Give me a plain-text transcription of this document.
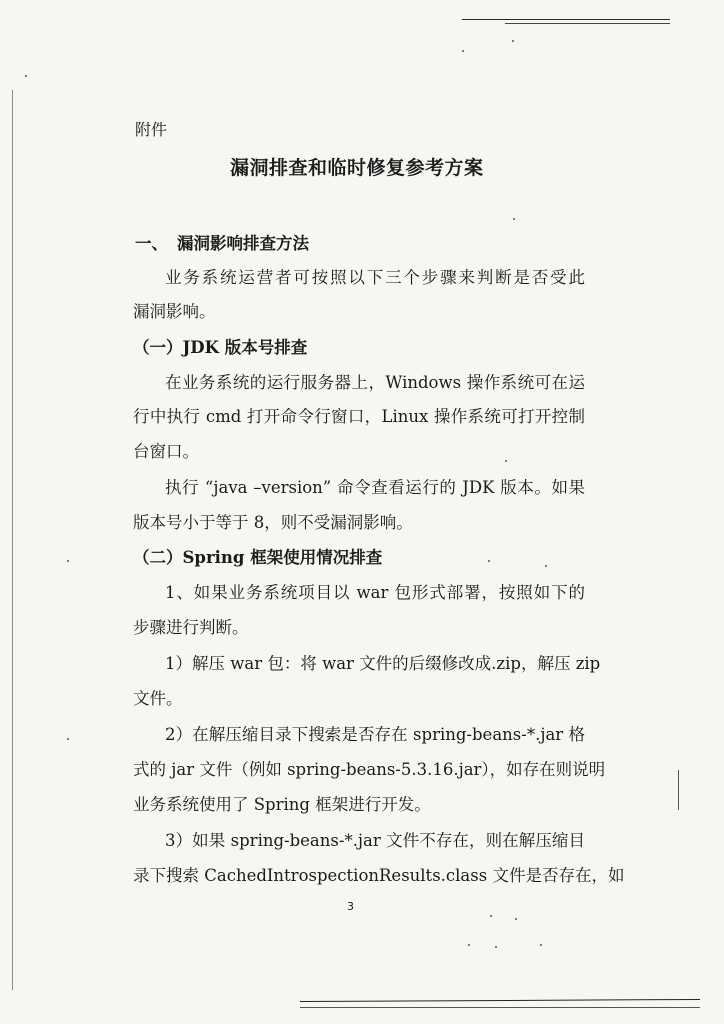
附件
漏洞排查和临时修复参考方案
一、 漏洞影响排查方法
业务系统运营者可按照以下三个步骤来判断是否受此
漏洞影响。
（一）JDK 版本号排查
在业务系统的运行服务器上，Windows 操作系统可在运
行中执行 cmd 打开命令行窗口，Linux 操作系统可打开控制
台窗口。
执行 “java –version” 命令查看运行的 JDK 版本。如果
版本号小于等于 8，则不受漏洞影响。
（二）Spring 框架使用情况排查
1、如果业务系统项目以 war 包形式部署，按照如下的
步骤进行判断。
1）解压 war 包：将 war 文件的后缀修改成.zip，解压 zip
文件。
2）在解压缩目录下搜索是否存在 spring-beans-*.jar 格
式的 jar 文件（例如 spring-beans-5.3.16.jar），如存在则说明
业务系统使用了 Spring 框架进行开发。
3）如果 spring-beans-*.jar 文件不存在，则在解压缩目
录下搜索 CachedIntrospectionResults.class 文件是否存在，如
3
